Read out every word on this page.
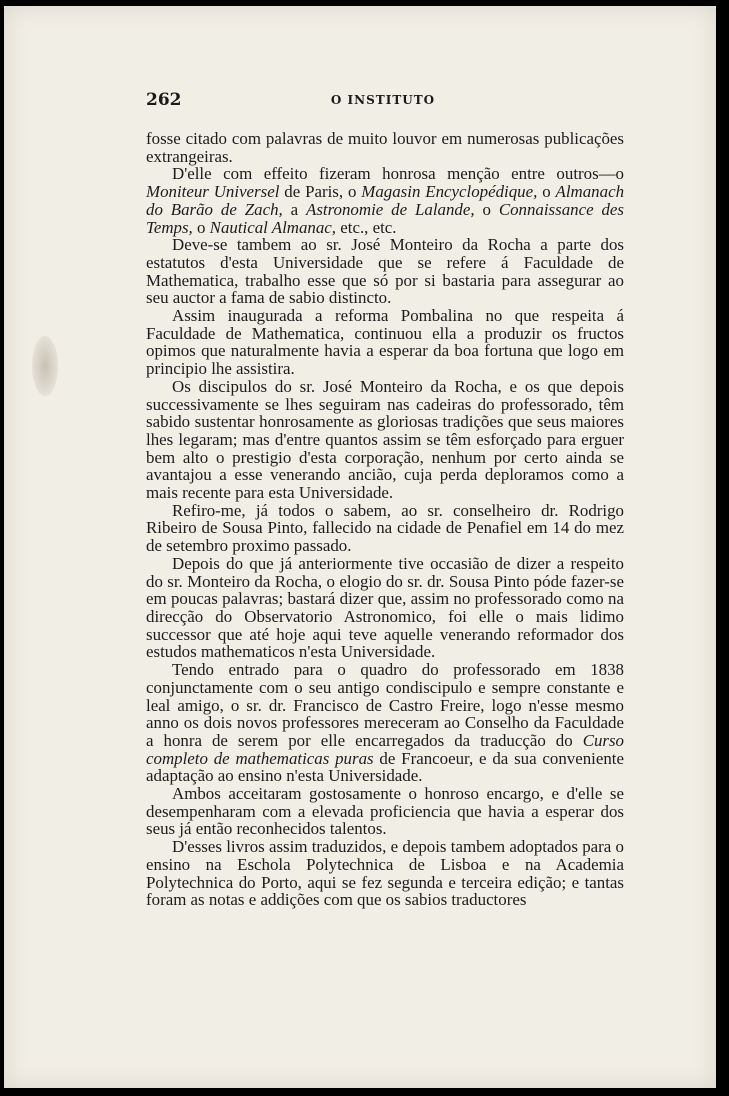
262	O INSTITUTO

fosse citado com palavras de muito louvor em numerosas publicações extrangeiras.

D'elle com effeito fizeram honrosa menção entre outros—o Moniteur Universel de Paris, o Magasin Encyclopédique, o Almanach do Barão de Zach, a Astronomie de Lalande, o Connaissance des Temps, o Nautical Almanac, etc., etc.

Deve-se tambem ao sr. José Monteiro da Rocha a parte dos estatutos d'esta Universidade que se refere á Faculdade de Mathematica, trabalho esse que só por si bastaria para assegurar ao seu auctor a fama de sabio distincto.

Assim inaugurada a reforma Pombalina no que respeita á Faculdade de Mathematica, continuou ella a produzir os fructos opimos que naturalmente havia a esperar da boa fortuna que logo em principio lhe assistira.

Os discipulos do sr. José Monteiro da Rocha, e os que depois successivamente se lhes seguiram nas cadeiras do professorado, têm sabido sustentar honrosamente as gloriosas tradições que seus maiores lhes legaram; mas d'entre quantos assim se têm esforçado para erguer bem alto o prestigio d'esta corporação, nenhum por certo ainda se avantajou a esse venerando ancião, cuja perda deploramos como a mais recente para esta Universidade.

Refiro-me, já todos o sabem, ao sr. conselheiro dr. Rodrigo Ribeiro de Sousa Pinto, fallecido na cidade de Penafiel em 14 do mez de setembro proximo passado.

Depois do que já anteriormente tive occasião de dizer a respeito do sr. Monteiro da Rocha, o elogio do sr. dr. Sousa Pinto póde fazer-se em poucas palavras; bastará dizer que, assim no professorado como na direcção do Observatorio Astronomico, foi elle o mais lidimo successor que até hoje aqui teve aquelle venerando reformador dos estudos mathematicos n'esta Universidade.

Tendo entrado para o quadro do professorado em 1838 conjunctamente com o seu antigo condiscipulo e sempre constante e leal amigo, o sr. dr. Francisco de Castro Freire, logo n'esse mesmo anno os dois novos professores mereceram ao Conselho da Faculdade a honra de serem por elle encarregados da traducção do Curso completo de mathematicas puras de Francoeur, e da sua conveniente adaptação ao ensino n'esta Universidade.

Ambos acceitaram gostosamente o honroso encargo, e d'elle se desempenharam com a elevada proficiencia que havia a esperar dos seus já então reconhecidos talentos.

D'esses livros assim traduzidos, e depois tambem adoptados para o ensino na Eschola Polytechnica de Lisboa e na Academia Polytechnica do Porto, aqui se fez segunda e terceira edição; e tantas foram as notas e addições com que os sabios traductores
